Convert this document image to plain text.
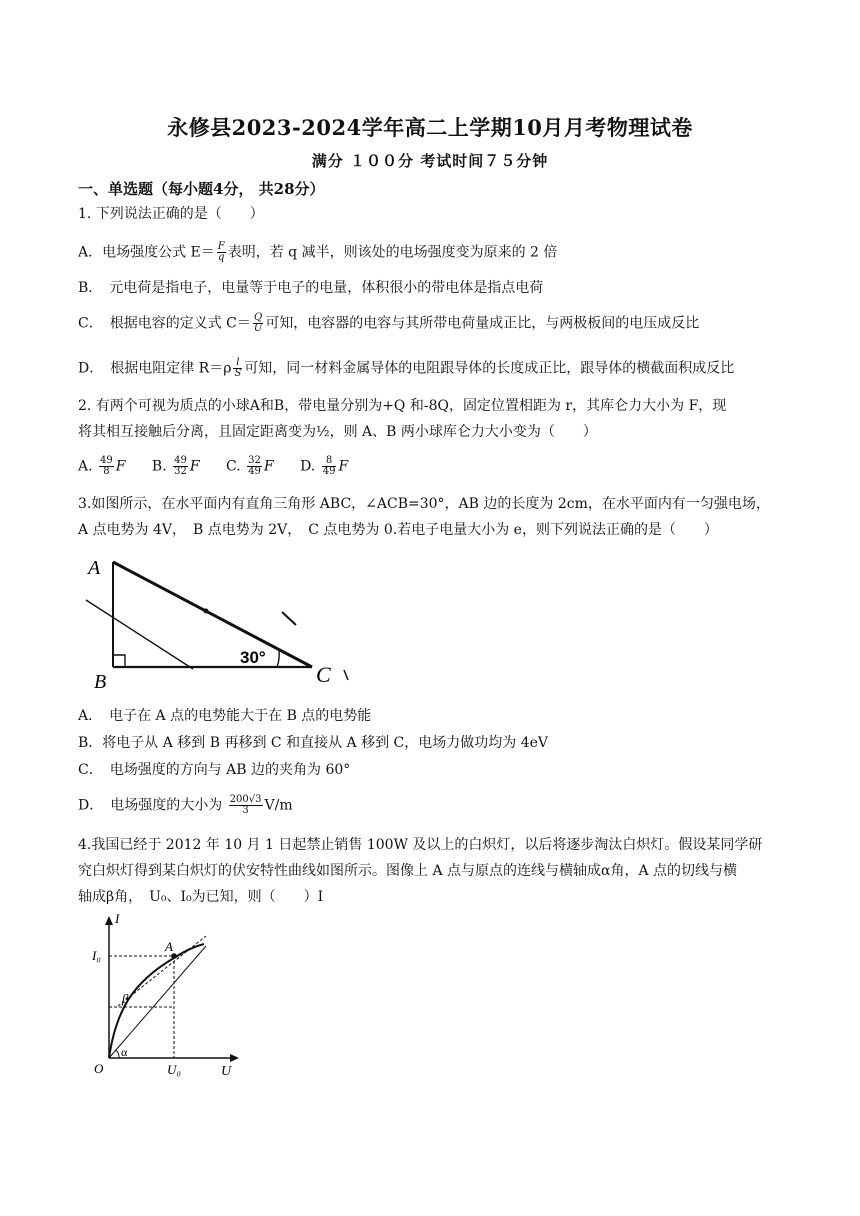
永修县2023-2024学年高二上学期10月月考物理试卷
满分 １００分 考试时间７５分钟
一、单选题（每小题4分， 共28分）
1. 下列说法正确的是（　　）
A．电场强度公式 $E= \frac{F}{q}$ 表明，若 q 减半，则该处的电场强度变为原来的 2 倍
B．　元电荷是指电子，电量等于电子的电量，体积很小的带电体是指点电荷
C．　根据电容的定义式 $C= \frac{Q}{U}$ 可知，电容器的电容与其所带电荷量成正比，与两极板间的电压成反比
D．　根据电阻定律 $R=\rho \frac{l}{S}$ 可知，同一材料金属导体的电阻跟导体的长度成正比，跟导体的横截面积成反比
2. 有两个可视为质点的小球A和B，带电量分别为+Q 和-8Q，固定位置相距为 r，其库仑力大小为 F，现
将其相互接触后分离，且固定距离变为½，则 A、B 两小球库仑力大小变为（　　）
A. $\frac{49}{8}$ F B. $\frac{49}{32}$ F C. $\frac{32}{49}$ F D. $\frac{8}{49}$ F
3.如图所示，在水平面内有直角三角形 ABC，∠ACB=30°，AB 边的长度为 2cm，在水平面内有一匀强电场，
A 点电势为 4V，　B 点电势为 2V，　C 点电势为 0.若电子电量大小为 e，则下列说法正确的是（　　）
A
B	C
30°
A．　电子在 A 点的电势能大于在 B 点的电势能
B．将电子从 A 移到 B 再移到 C 和直接从 A 移到 C，电场力做功均为 4eV
C．　电场强度的方向与 AB 边的夹角为 60°
D．　电场强度的大小为 $\frac{200√3}{3} V/m$
4.我国已经于 2012 年 10 月 1 日起禁止销售 100W 及以上的白炽灯，以后将逐步淘汰白炽灯。假设某同学研
究白炽灯得到某白炽灯的伏安特性曲线如图所示。图像上 A 点与原点的连线与横轴成α角，A 点的切线与横
轴成β角，　U₀、I₀为已知，则（　　）I
I
I₀
A
β
α
O	U₀	U
